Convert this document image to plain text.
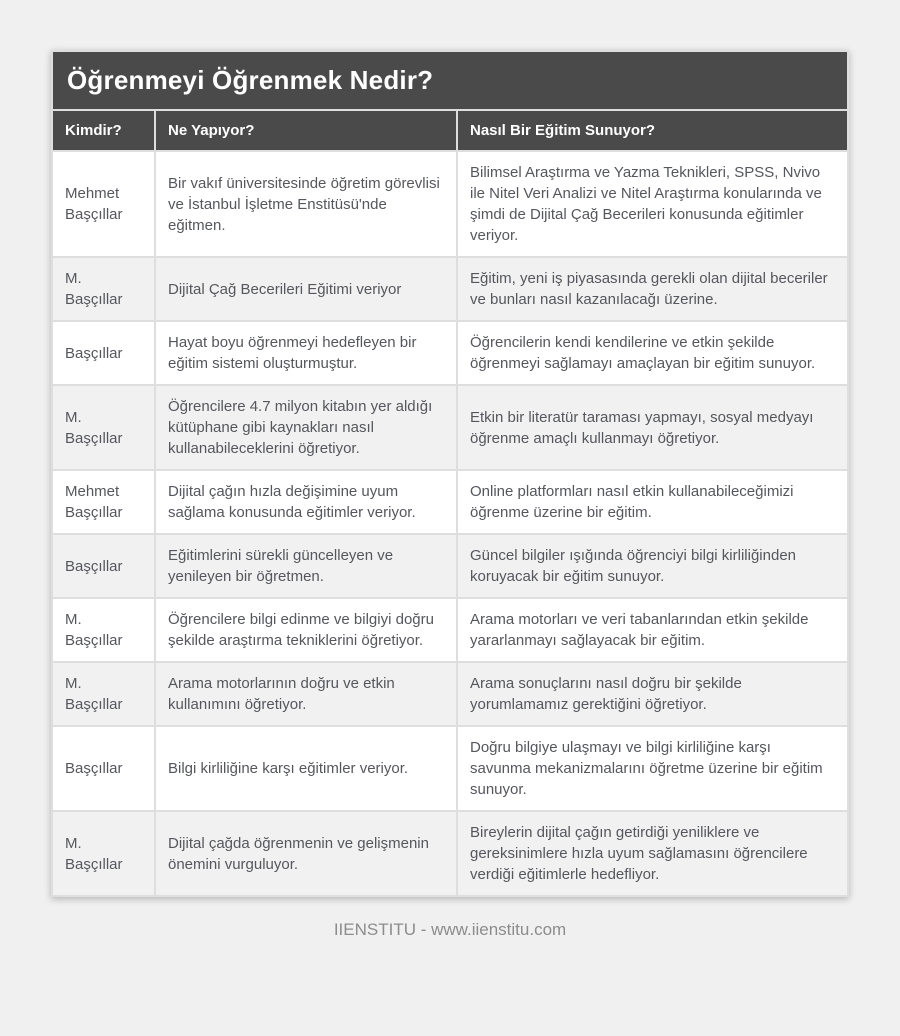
Öğrenmeyi Öğrenmek Nedir?		
Kimdir?	Ne Yapıyor?	Nasıl Bir Eğitim Sunuyor?
Mehmet Başçıllar	Bir vakıf üniversitesinde öğretim görevlisi ve İstanbul İşletme Enstitüsü'nde eğitmen.	Bilimsel Araştırma ve Yazma Teknikleri, SPSS, Nvivo ile Nitel Veri Analizi ve Nitel Araştırma konularında ve şimdi de Dijital Çağ Becerileri konusunda eğitimler veriyor.
M. Başçıllar	Dijital Çağ Becerileri Eğitimi veriyor	Eğitim, yeni iş piyasasında gerekli olan dijital beceriler ve bunları nasıl kazanılacağı üzerine.
Başçıllar	Hayat boyu öğrenmeyi hedefleyen bir eğitim sistemi oluşturmuştur.	Öğrencilerin kendi kendilerine ve etkin şekilde öğrenmeyi sağlamayı amaçlayan bir eğitim sunuyor.
M. Başçıllar	Öğrencilere 4.7 milyon kitabın yer aldığı kütüphane gibi kaynakları nasıl kullanabileceklerini öğretiyor.	Etkin bir literatür taraması yapmayı, sosyal medyayı öğrenme amaçlı kullanmayı öğretiyor.
Mehmet Başçıllar	Dijital çağın hızla değişimine uyum sağlama konusunda eğitimler veriyor.	Online platformları nasıl etkin kullanabileceğimizi öğrenme üzerine bir eğitim.
Başçıllar	Eğitimlerini sürekli güncelleyen ve yenileyen bir öğretmen.	Güncel bilgiler ışığında öğrenciyi bilgi kirliliğinden koruyacak bir eğitim sunuyor.
M. Başçıllar	Öğrencilere bilgi edinme ve bilgiyi doğru şekilde araştırma tekniklerini öğretiyor.	Arama motorları ve veri tabanlarından etkin şekilde yararlanmayı sağlayacak bir eğitim.
M. Başçıllar	Arama motorlarının doğru ve etkin kullanımını öğretiyor.	Arama sonuçlarını nasıl doğru bir şekilde yorumlamamız gerektiğini öğretiyor.
Başçıllar	Bilgi kirliliğine karşı eğitimler veriyor.	Doğru bilgiye ulaşmayı ve bilgi kirliliğine karşı savunma mekanizmalarını öğretme üzerine bir eğitim sunuyor.
M. Başçıllar	Dijital çağda öğrenmenin ve gelişmenin önemini vurguluyor.	Bireylerin dijital çağın getirdiği yeniliklere ve gereksinimlere hızla uyum sağlamasını öğrencilere verdiği eğitimlerle hedefliyor.
IIENSTITU - www.iienstitu.com
